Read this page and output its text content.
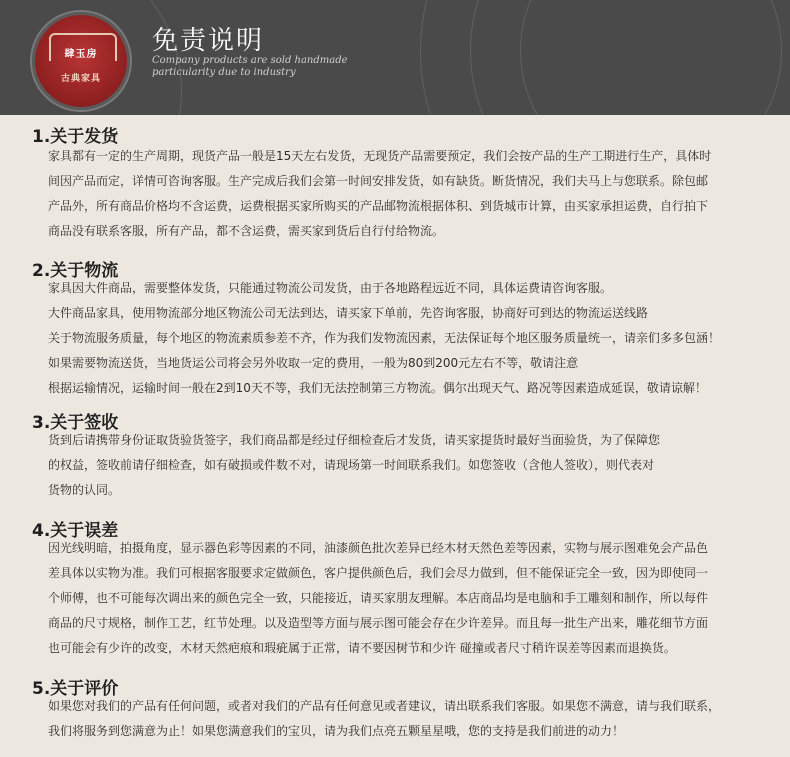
肆玉房
古典家具
免责说明
Company products are sold handmade
particularity due to industry
1.关于发货

家具都有一定的生产周期，现货产品一般是15天左右发货，无现货产品需要预定，我们会按产品的生产工期进行生产，具体时

间因产品而定，详情可咨询客服。生产完成后我们会第一时间安排发货，如有缺货。断货情况，我们夫马上与您联系。除包邮

产品外，所有商品价格均不含运费，运费根据买家所购买的产品邮物流根据体积、到货城市计算，由买家承担运费，自行拍下

商品没有联系客服，所有产品，都不含运费，需买家到货后自行付给物流。

2.关于物流

家具因大件商品，需要整体发货，只能通过物流公司发货，由于各地路程远近不同，具体运费请咨询客服。

大件商品家具，使用物流部分地区物流公司无法到达，请买家下单前，先咨询客服，协商好可到达的物流运送线路

关于物流服务质量，每个地区的物流素质参差不齐，作为我们发物流因素，无法保证每个地区服务质量统一，请亲们多多包涵！

如果需要物流送货，当地货运公司将会另外收取一定的费用，一般为80到200元左右不等，敬请注意

根据运输情况，运输时间一般在2到10天不等，我们无法控制第三方物流。偶尔出现天气、路况等因素造成延误，敬请谅解！

3.关于签收

货到后请携带身份证取货验货签字，我们商品都是经过仔细检查后才发货，请买家提货时最好当面验货，为了保障您

的权益，签收前请仔细检查，如有破损或件数不对，请现场第一时间联系我们。如您签收（含他人签收），则代表对

货物的认同。

4.关于误差

因光线明暗，拍摄角度，显示器色彩等因素的不同，油漆颜色批次差异已经木材天然色差等因素，实物与展示图难免会产品色

差具体以实物为准。我们可根据客服要求定做颜色，客户提供颜色后，我们会尽力做到，但不能保证完全一致，因为即使同一

个师傅，也不可能每次调出来的颜色完全一致，只能接近，请买家朋友理解。本店商品均是电脑和手工雕刻和制作，所以每件

商品的尺寸规格，制作工艺，红节处理。以及造型等方面与展示图可能会存在少许差异。而且每一批生产出来，雕花细节方面

也可能会有少许的改变，木材天然疤痕和瑕疵属于正常，请不要因树节和少许 碰撞或者尺寸稍许误差等因素而退换货。

5.关于评价

如果您对我们的产品有任何问题，或者对我们的产品有任何意见或者建议，请出联系我们客服。如果您不满意，请与我们联系，

我们将服务到您满意为止！如果您满意我们的宝贝，请为我们点亮五颗星星哦，您的支持是我们前进的动力！
